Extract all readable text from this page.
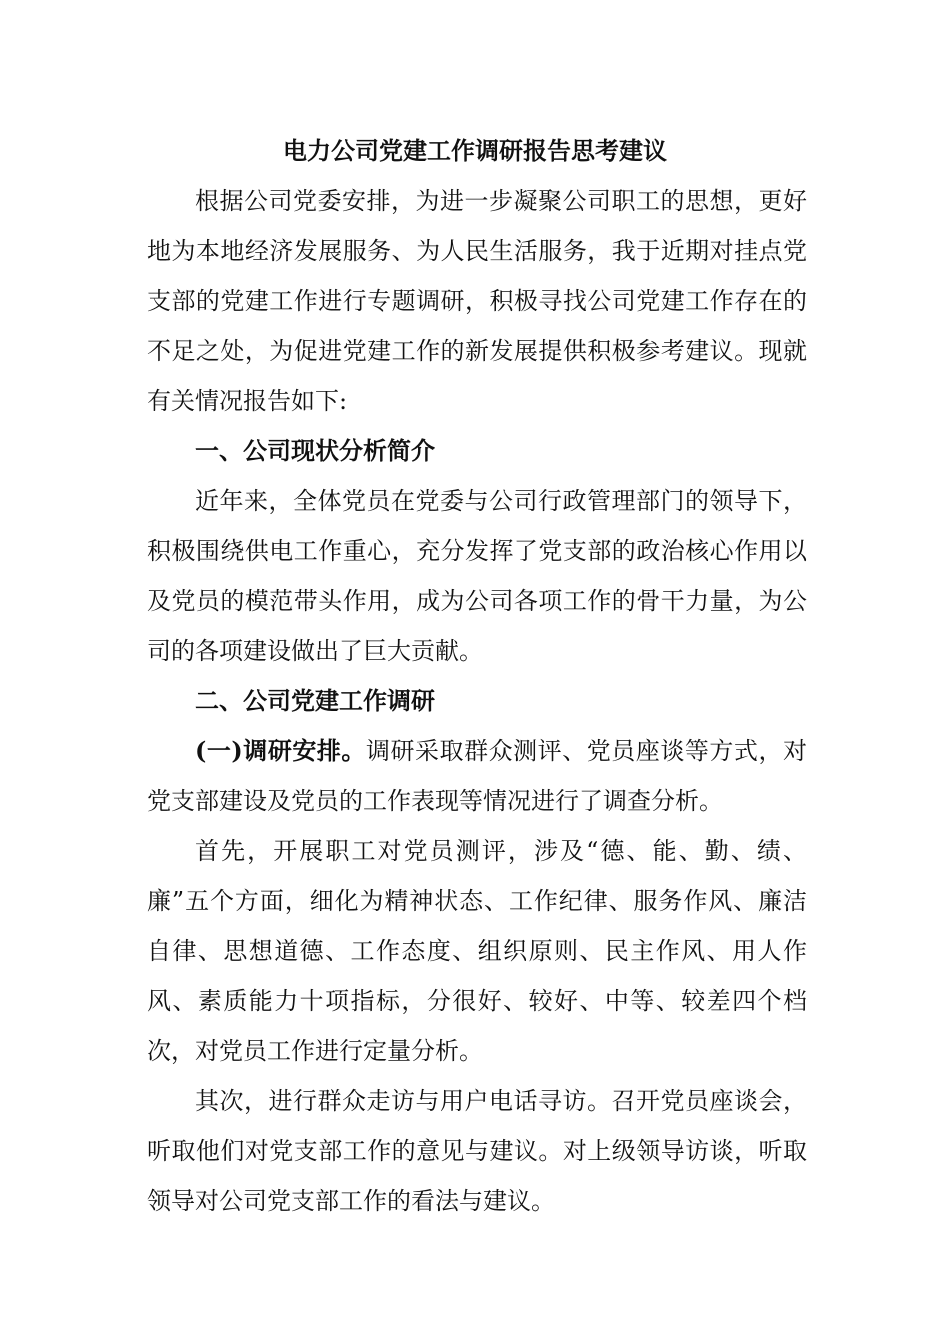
电力公司党建工作调研报告思考建议

根据公司党委安排，为进一步凝聚公司职工的思想，更好地为本地经济发展服务、为人民生活服务，我于近期对挂点党支部的党建工作进行专题调研，积极寻找公司党建工作存在的不足之处，为促进党建工作的新发展提供积极参考建议。现就有关情况报告如下:

一、公司现状分析简介

近年来，全体党员在党委与公司行政管理部门的领导下，积极围绕供电工作重心，充分发挥了党支部的政治核心作用以及党员的模范带头作用，成为公司各项工作的骨干力量，为公司的各项建设做出了巨大贡献。

二、公司党建工作调研

(一)调研安排。调研采取群众测评、党员座谈等方式，对党支部建设及党员的工作表现等情况进行了调查分析。

首先，开展职工对党员测评，涉及“德、能、勤、绩、廉”五个方面，细化为精神状态、工作纪律、服务作风、廉洁自律、思想道德、工作态度、组织原则、民主作风、用人作风、素质能力十项指标，分很好、较好、中等、较差四个档次，对党员工作进行定量分析。

其次，进行群众走访与用户电话寻访。召开党员座谈会，听取他们对党支部工作的意见与建议。对上级领导访谈，听取领导对公司党支部工作的看法与建议。
